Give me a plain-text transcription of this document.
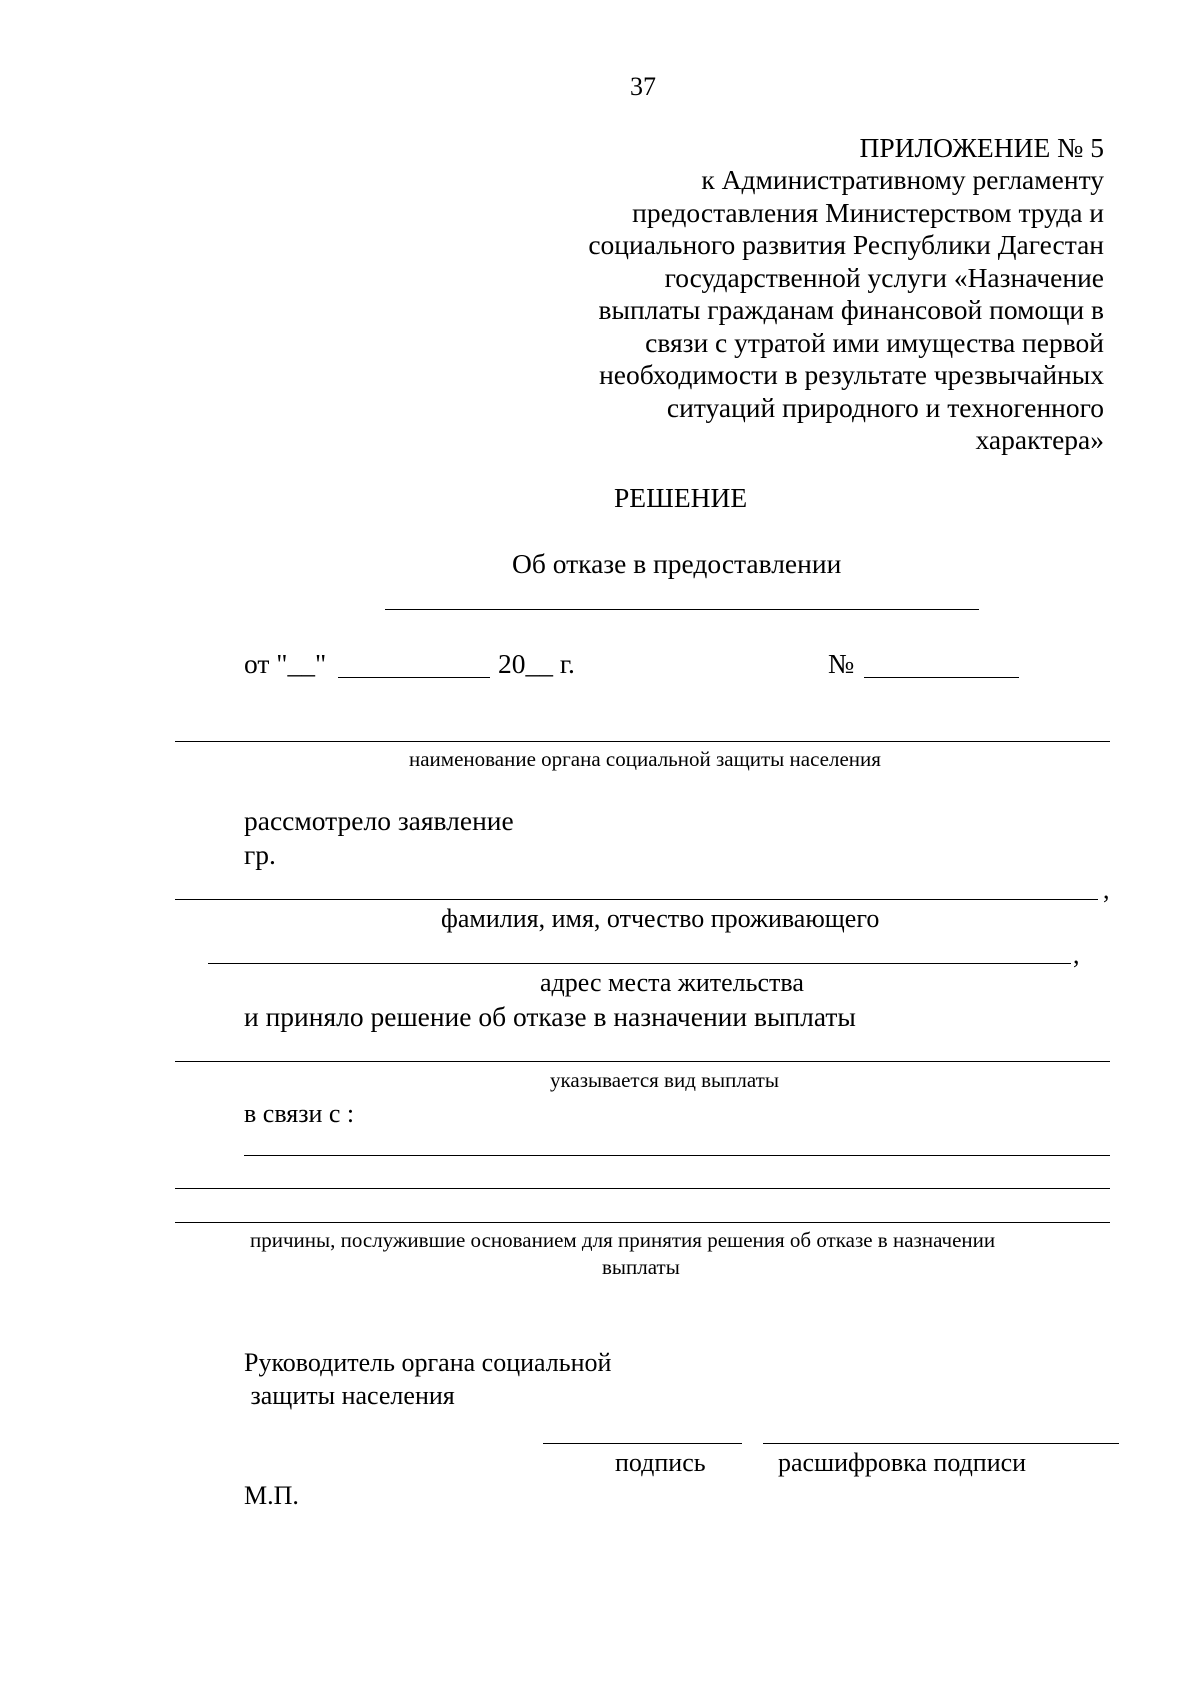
37
ПРИЛОЖЕНИЕ № 5
к Административному регламенту
предоставления Министерством труда и
социального развития Республики Дагестан
государственной услуги «Назначение
выплаты гражданам финансовой помощи в
связи с утратой ими имущества первой
необходимости в результате чрезвычайных
ситуаций природного и техногенного
характера»
РЕШЕНИЕ
Об отказе в предоставлении
от "__"	20__ г.	№
наименование органа социальной защиты населения
рассмотрело заявление
гр.
,
фамилия, имя, отчество проживающего
,
адрес места жительства
и приняло решение об отказе в назначении выплаты
указывается вид выплаты
в связи с :
причины, послужившие основанием для принятия решения об отказе в назначении
выплаты
Руководитель органа социальной
защиты населения
подпись	расшифровка подписи
М.П.
